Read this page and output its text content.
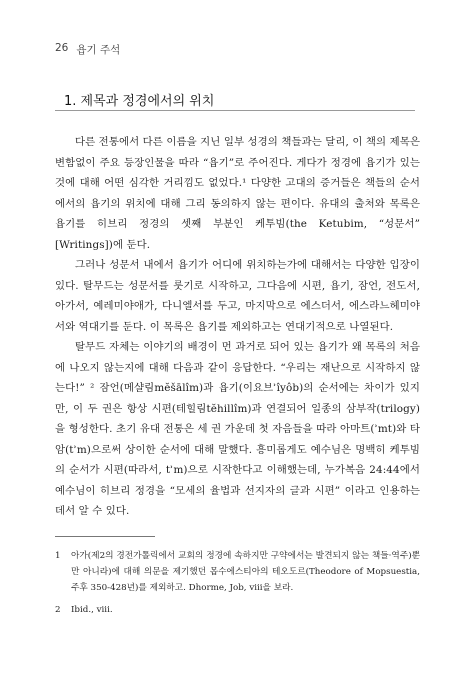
26 욥기 주석
1. 제목과 정경에서의 위치

다른 전통에서 다른 이름을 지닌 일부 성경의 책들과는 달리, 이 책의 제목은 변함없이 주요 등장인물을 따라 “욥기”로 주어진다. 게다가 정경에 욥기가 있는 것에 대해 어떤 심각한 거리낌도 없었다.¹ 다양한 고대의 증거들은 책들의 순서에서의 욥기의 위치에 대해 그리 동의하지 않는 편이다. 유대의 출처와 목록은 욥기를 히브리 정경의 셋째 부분인 케투빔(the Ketubim, “성문서” [Writings])에 둔다.

그러나 성문서 내에서 욥기가 어디에 위치하는가에 대해서는 다양한 입장이 있다. 탈무드는 성문서를 룻기로 시작하고, 그다음에 시편, 욥기, 잠언, 전도서, 아가서, 예레미야애가, 다니엘서를 두고, 마지막으로 에스더서, 에스라느헤미야서와 역대기를 둔다. 이 목록은 욥기를 제외하고는 연대기적으로 나열된다.

탈무드 자체는 이야기의 배경이 먼 과거로 되어 있는 욥기가 왜 목록의 처음에 나오지 않는지에 대해 다음과 같이 응답한다. “우리는 재난으로 시작하지 않는다!” ² 잠언(메샬림mĕšālîm)과 욥기(이요브ʾîyôb)의 순서에는 차이가 있지만, 이 두 권은 항상 시편(테힐림tĕhillîm)과 연결되어 일종의 삼부작(trilogy)을 형성한다. 초기 유대 전통은 세 권 가운데 첫 자음들을 따라 아마트(ʾmt)와 타암(tʾm)으로써 상이한 순서에 대해 말했다. 흥미롭게도 예수님은 명백히 케투빔의 순서가 시편(따라서, tʾm)으로 시작한다고 이해했는데, 누가복음 24:44에서 예수님이 히브리 정경을 “모세의 율법과 선지자의 글과 시편” 이라고 인용하는 데서 알 수 있다.

1	아가(제2의 경전가톨릭에서 교회의 정경에 속하지만 구약에서는 발견되지 않는 책들·역주)뿐만 아니라)에 대해 의문을 제기했던 몹수에스티아의 테오도르(Theodore of Mopsuestia, 주후 350-428년)를 제외하고. Dhorme, Job, viii을 보라.
2	Ibid., viii.
